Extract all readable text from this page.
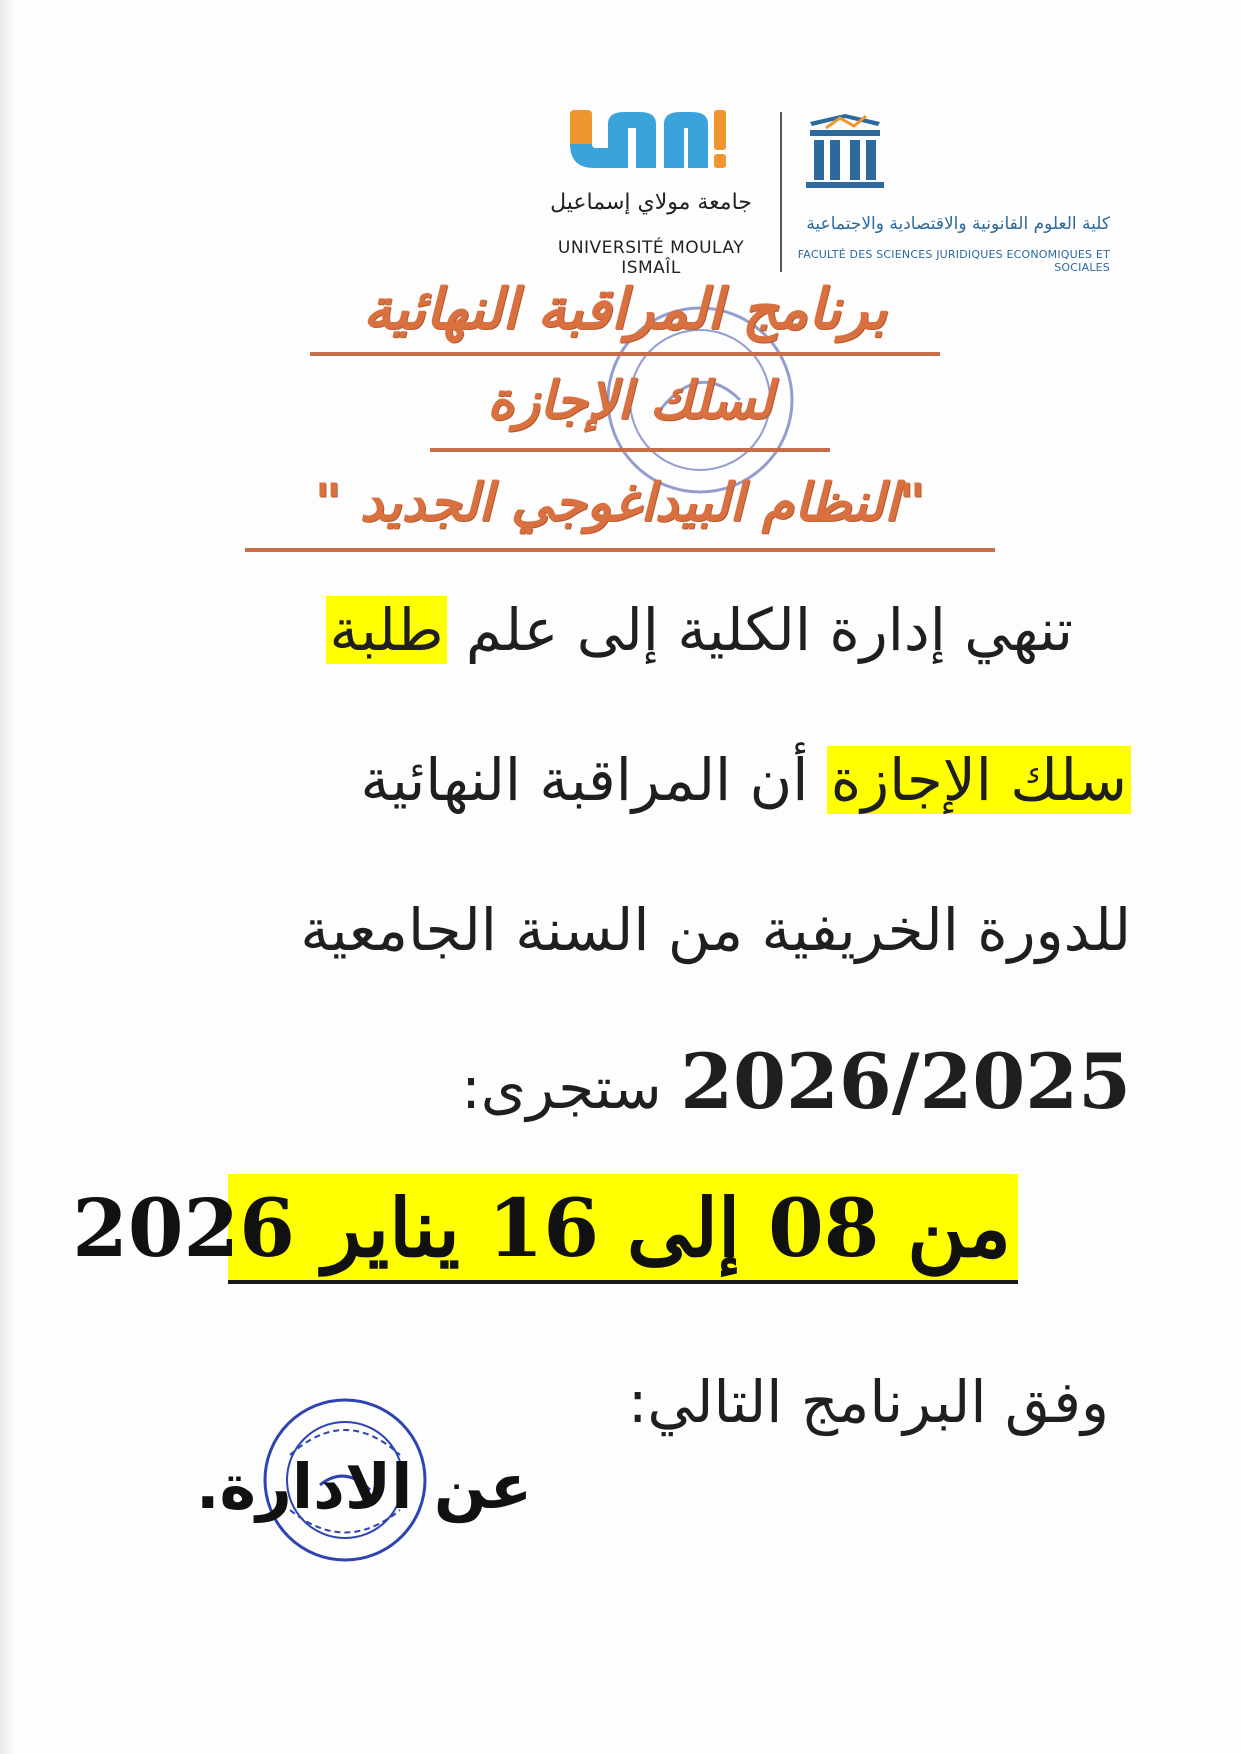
جامعة مولاي إسماعيل
UNIVERSITÉ MOULAY ISMAÎL
كلية العلوم القانونية والاقتصادية والاجتماعية
FACULTÉ DES SCIENCES JURIDIQUES ECONOMIQUES ET SOCIALES
برنامج المراقبة النهائية
لسلك الإجازة
"النظام البيداغوجي الجديد "
تنهي إدارة الكلية إلى علم طلبة
سلك الإجازة أن المراقبة النهائية
للدورة الخريفية من السنة الجامعية
2026/2025 ستجرى:
من 08 إلى 16 يناير 2026
وفق البرنامج التالي:
عن الادارة.
